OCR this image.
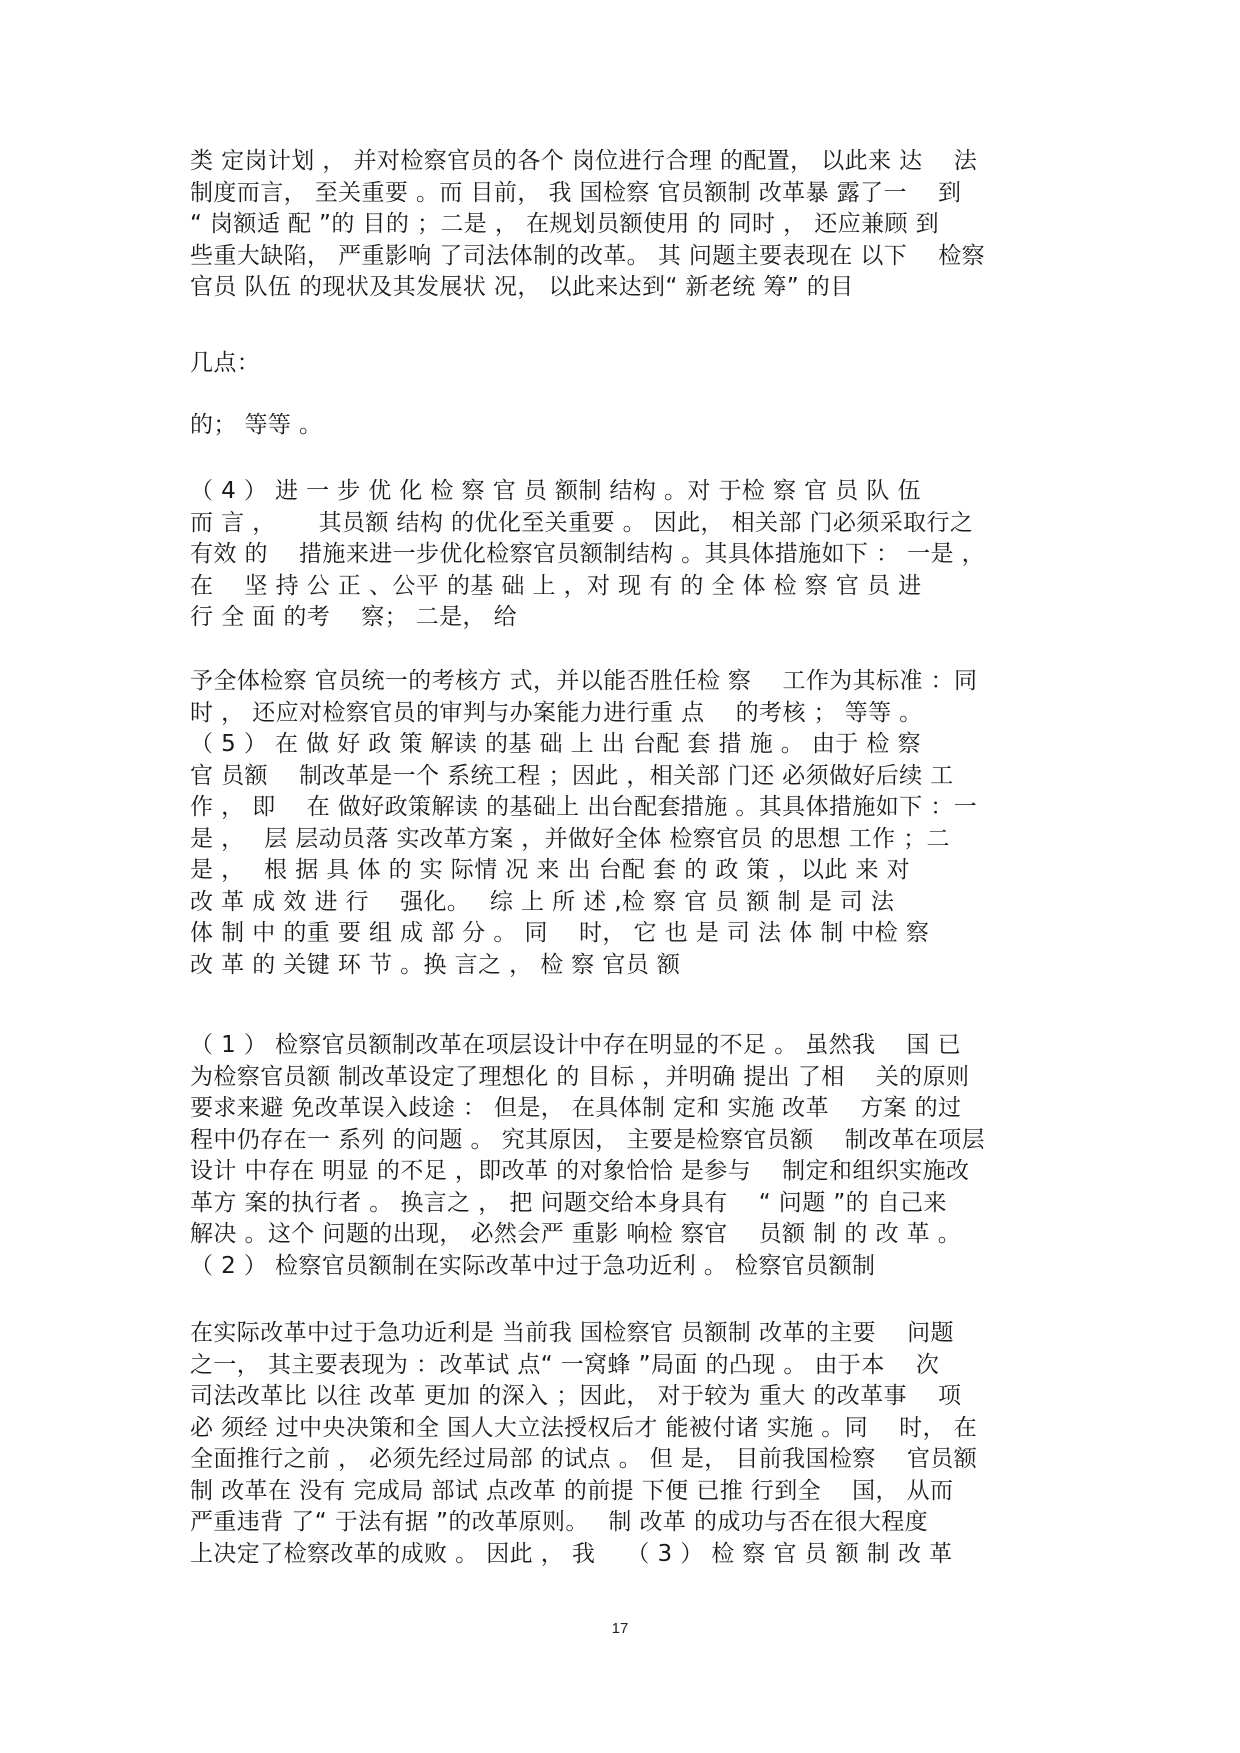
类 定岗计划 ， 并对检察官员的各个 岗位进行合理 的配置， 以此来 达　 法
制度而言， 至关重要 。而 目前， 我 国检察 官员额制 改革暴 露了一　 到
“ 岗额适 配 ”的 目的 ；二是 ， 在规划员额使用 的 同时 ， 还应兼顾 到
些重大缺陷， 严重影响 了司法体制的改革。 其 问题主要表现在 以下　 检察
官员 队伍 的现状及其发展状 况， 以此来达到“ 新老统 筹” 的目
几点：
的； 等等 。
（ 4 ） 进 一 步 优 化 检 察 官 员 额制 结构 。对 于检 察 官 员 队 伍
而 言 ，　　 其员额 结构 的优化至关重要 。 因此， 相关部 门必须采取行之
有效 的　 措施来进一步优化检察官员额制结构 。其具体措施如下 ： 一是 ，
在　 坚 持 公 正 、公平 的基 础 上 ，对 现 有 的 全 体 检 察 官 员 进
行 全 面 的考　 察； 二是， 给
予全体检察 官员统一的考核方 式，并以能否胜任检 察　 工作为其标准 ：同
时 ， 还应对检察官员的审判与办案能力进行重 点　 的考核 ； 等等 。
（ 5 ） 在 做 好 政 策 解读 的基 础 上 出 台配 套 措 施 。 由于 检 察
官 员额　 制改革是一个 系统工程 ；因此 ，相关部 门还 必须做好后续 工
作 ， 即　 在 做好政策解读 的基础上 出台配套措施 。其具体措施如下 ：一
是 ，　 层 层动员落 实改革方案 ，并做好全体 检察官员 的思想 工作 ；二
是 ，　 根 据 具 体 的 实 际情 况 来 出 台配 套 的 政 策 ，以此 来 对
改 革 成 效 进 行　 强化。　 综 上 所 述 ,检 察 官 员 额 制 是 司 法
体 制 中 的重 要 组 成 部 分 。 同　 时， 它 也 是 司 法 体 制 中检 察
改 革 的 关键 环 节 。换 言之 ， 检 察 官员 额
（ 1 ） 检察官员额制改革在项层设计中存在明显的不足 。 虽然我　 国 已
为检察官员额 制改革设定了理想化 的 目标 ，并明确 提出 了相　 关的原则
要求来避 免改革误入歧途 ： 但是， 在具体制 定和 实施 改革　 方案 的过
程中仍存在一 系列 的问题 。 究其原因， 主要是检察官员额　 制改革在项层
设计 中存在 明显 的不足 ，即改革 的对象恰恰 是参与　 制定和组织实施改
革方 案的执行者 。 换言之 ， 把 问题交给本身具有　 “ 问题 ”的 自己来
解决 。这个 问题的出现， 必然会严 重影 响检 察官　 员额 制 的 改 革 。
（ 2 ） 检察官员额制在实际改革中过于急功近利 。 检察官员额制
在实际改革中过于急功近利是 当前我 国检察官 员额制 改革的主要　 问题
之一， 其主要表现为 ：改革试 点“ 一窝蜂 ”局面 的凸现 。 由于本　 次
司法改革比 以往 改革 更加 的深入 ；因此， 对于较为 重大 的改革事　 项
必 须经 过中央决策和全 国人大立法授权后才 能被付诸 实施 。同　 时， 在
全面推行之前 ， 必须先经过局部 的试点 。 但 是， 目前我国检察　 官员额
制 改革在 没有 完成局 部试 点改革 的前提 下便 已推 行到全　 国， 从而
严重违背 了“ 于法有据 ”的改革原则。　 制 改革 的成功与否在很大程度
上决定了检察改革的成败 。 因此 ， 我　 （ 3 ） 检 察 官 员 额 制 改 革
17
